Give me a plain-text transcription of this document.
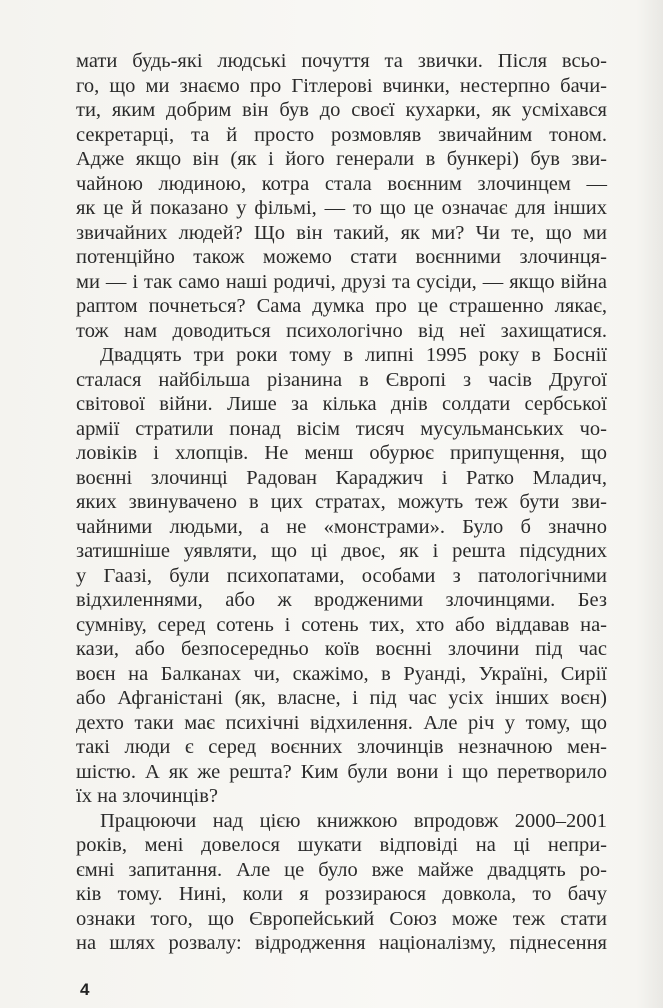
мати будь-які людські почуття та звички. Після всьо-
го, що ми знаємо про Гітлерові вчинки, нестерпно бачи-
ти, яким добрим він був до своєї кухарки, як усміхався
секретарці, та й просто розмовляв звичайним тоном.
Адже якщо він (як і його генерали в бункері) був зви-
чайною людиною, котра стала воєнним злочинцем —
як це й показано у фільмі, — то що це означає для інших
звичайних людей? Що він такий, як ми? Чи те, що ми
потенційно також можемо стати воєнними злочинця-
ми — і так само наші родичі, друзі та сусіди, — якщо війна
раптом почнеться? Сама думка про це страшенно лякає,
тож нам доводиться психологічно від неї захищатися.
Двадцять три роки тому в липні 1995 року в Боснії
сталася найбільша різанина в Європі з часів Другої
світової війни. Лише за кілька днів солдати сербської
армії стратили понад вісім тисяч мусульманських чо-
ловіків і хлопців. Не менш обурює припущення, що
воєнні злочинці Радован Караджич і Ратко Младич,
яких звинувачено в цих стратах, можуть теж бути зви-
чайними людьми, а не «монстрами». Було б значно
затишніше уявляти, що ці двоє, як і решта підсудних
у Гаазі, були психопатами, особами з патологічними
відхиленнями, або ж вродженими злочинцями. Без
сумніву, серед сотень і сотень тих, хто або віддавав на-
кази, або безпосередньо коїв воєнні злочини під час
воєн на Балканах чи, скажімо, в Руанді, Україні, Сирії
або Афганістані (як, власне, і під час усіх інших воєн)
дехто таки має психічні відхилення. Але річ у тому, що
такі люди є серед воєнних злочинців незначною мен-
шістю. А як же решта? Ким були вони і що перетворило
їх на злочинців?
Працюючи над цією книжкою впродовж 2000–2001
років, мені довелося шукати відповіді на ці непри-
ємні запитання. Але це було вже майже двадцять ро-
ків тому. Нині, коли я роззираюся довкола, то бачу
ознаки того, що Європейський Союз може теж стати
на шлях розвалу: відродження націоналізму, піднесення
4
